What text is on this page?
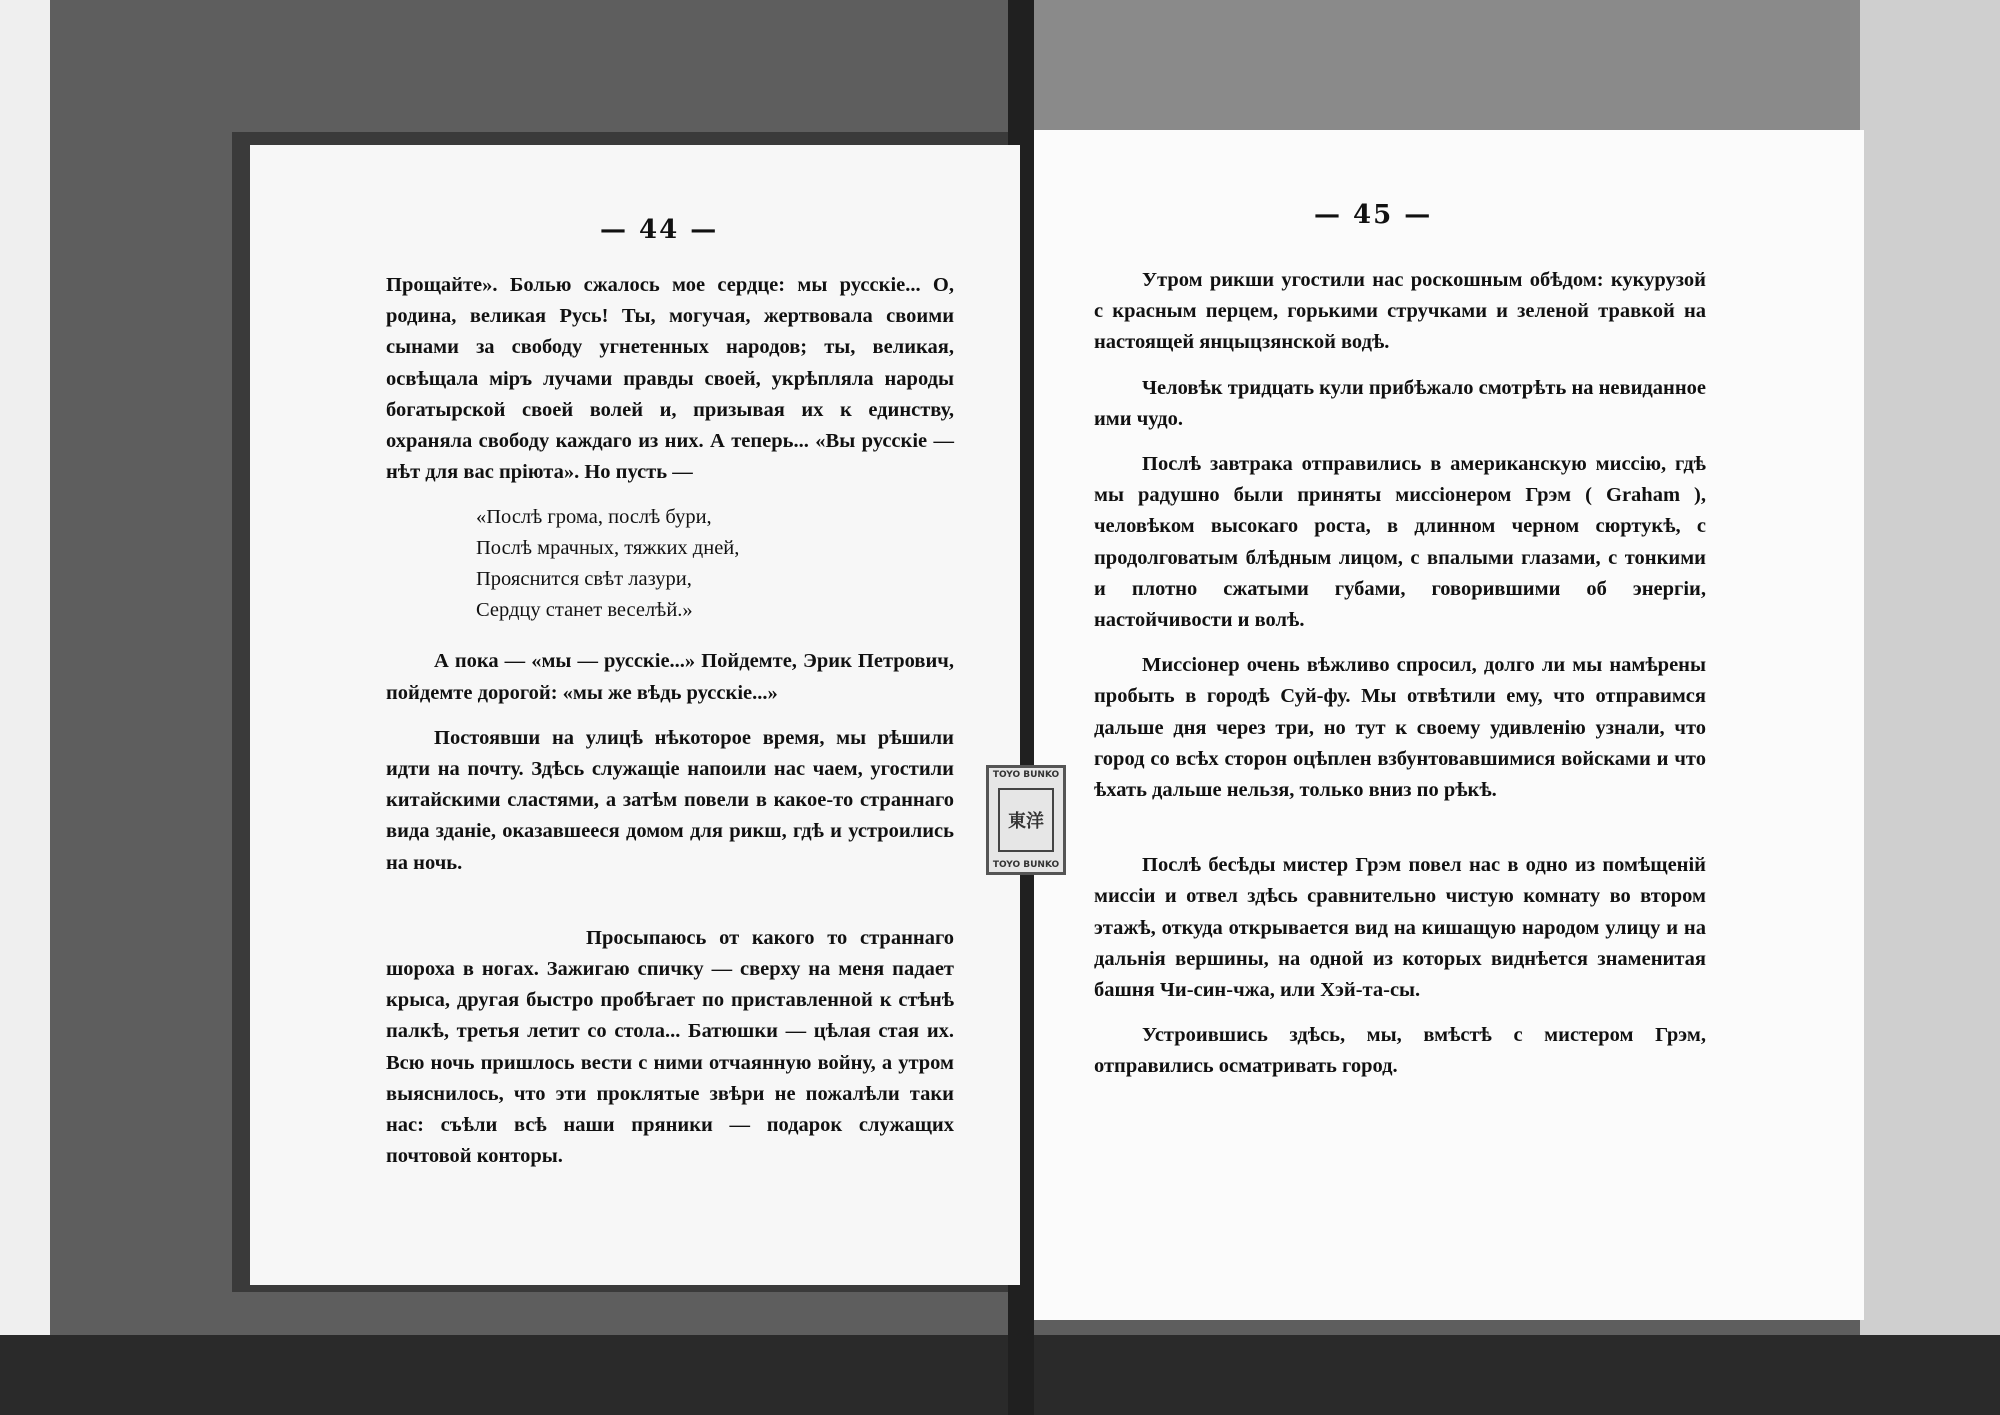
— 44 —

Прощайте». Болью сжалось мое сердце: мы русскіе... О, родина, великая Русь! Ты, могучая, жертвовала своими сынами за свободу угнетенных народов; ты, великая, освѣщала міръ лучами правды своей, укрѣпляла народы богатырской своей волей и, призывая их к единству, охраняла свободу каждаго из них. А теперь... «Вы русскіе — нѣт для вас пріюта». Но пусть —

«Послѣ грома, послѣ бури,
Послѣ мрачных, тяжких дней,
Прояснится свѣт лазури,
Сердцу станет веселѣй.»

А пока — «мы — русскіе...» Пойдемте, Эрик Петрович, пойдемте дорогой: «мы же вѣдь русскіе...»

Постоявши на улицѣ нѣкоторое время, мы рѣшили идти на почту. Здѣсь служащіе напоили нас чаем, угостили китайскими сластями, а затѣм повели в какое-то страннаго вида зданіе, оказавшееся домом для рикш, гдѣ и устроились на ночь.

Просыпаюсь от какого то страннаго шороха в ногах. Зажигаю спичку — сверху на меня падает крыса, другая быстро пробѣгает по приставленной к стѣнѣ палкѣ, третья летит со стола... Батюшки — цѣлая стая их. Всю ночь пришлось вести с ними отчаянную войну, а утром выяснилось, что эти проклятые звѣри не пожалѣли таки нас: съѣли всѣ наши пряники — подарок служащих почтовой конторы.

— 45 —

Утром рикши угостили нас роскошным обѣдом: кукурузой с красным перцем, горькими стручками и зеленой травкой на настоящей янцыцзянской водѣ.

Человѣк тридцать кули прибѣжало смотрѣть на невиданное ими чудо.

Послѣ завтрака отправились в американскую миссію, гдѣ мы радушно были приняты миссіонером Грэм ( Graham ), человѣком высокаго роста, в длинном черном сюртукѣ, с продолговатым блѣдным лицом, с впалыми глазами, с тонкими и плотно сжатыми губами, говорившими об энергіи, настойчивости и волѣ.

Миссіонер очень вѣжливо спросил, долго ли мы намѣрены пробыть в городѣ Суй-фу. Мы отвѣтили ему, что отправимся дальше дня через три, но тут к своему удивленію узнали, что город со всѣх сторон оцѣплен взбунтовавшимися войсками и что ѣхать дальше нельзя, только вниз по рѣкѣ.

Послѣ бесѣды мистер Грэм повел нас в одно из помѣщеній миссіи и отвел здѣсь сравнительно чистую комнату во втором этажѣ, откуда открывается вид на кишащую народом улицу и на дальнія вершины, на одной из которых виднѣется знаменитая башня Чи-син-чжа, или Хэй-та-сы.

Устроившись здѣсь, мы, вмѣстѣ с мистером Грэм, отправились осматривать город.

TOYO BUNKO
東洋
TOYO BUNKO
